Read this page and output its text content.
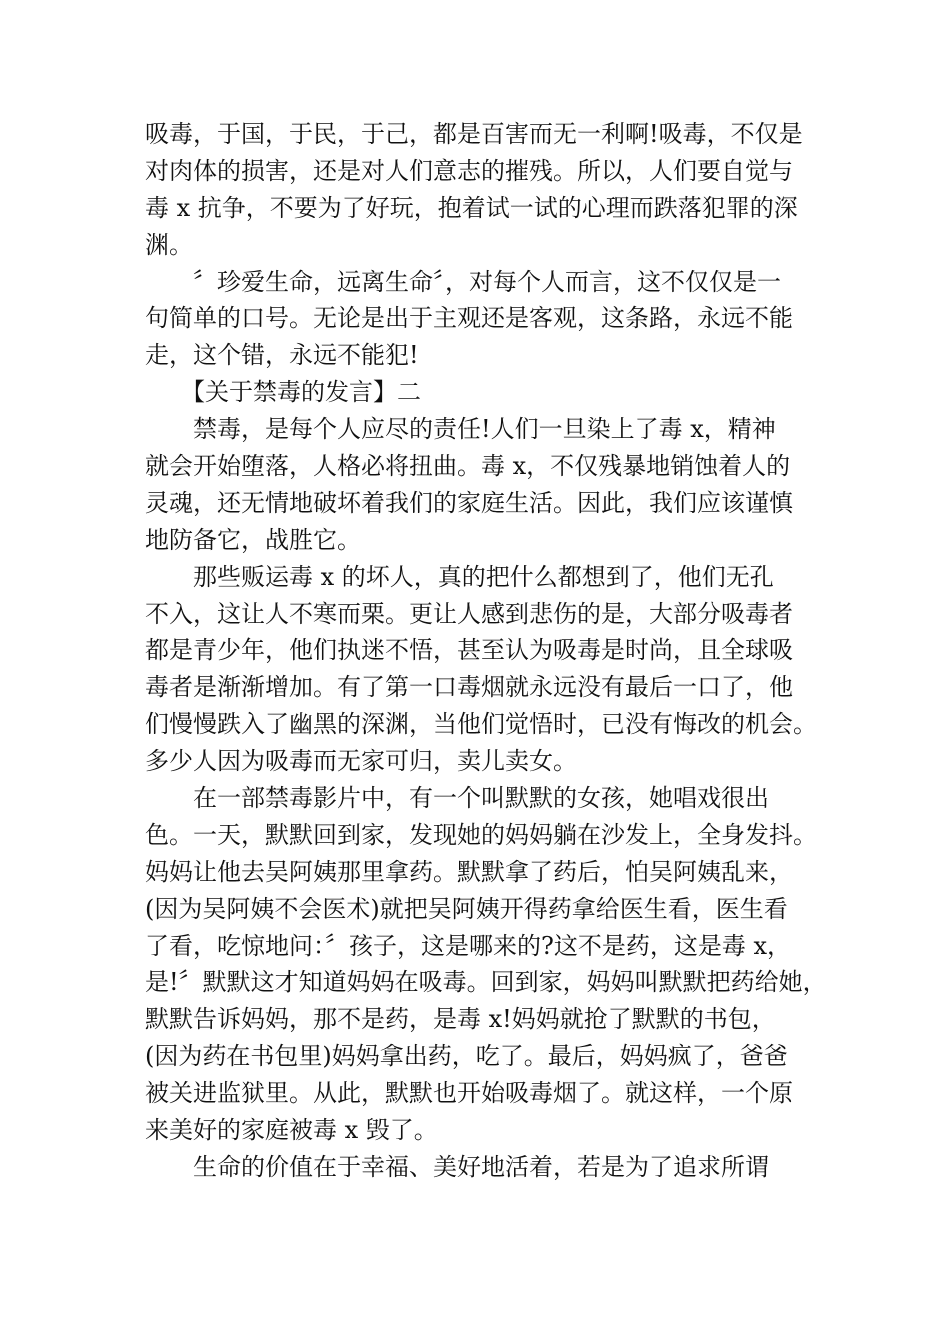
吸毒，于国，于民，于己，都是百害而无一利啊!吸毒，不仅是
对肉体的损害，还是对人们意志的摧残。所以，人们要自觉与
毒 x 抗争，不要为了好玩，抱着试一试的心理而跌落犯罪的深
渊。
　　〞珍爱生命，远离生命〞，对每个人而言，这不仅仅是一
句简单的口号。无论是出于主观还是客观，这条路，永远不能
走，这个错，永远不能犯!
　　【关于禁毒的发言】二
　　禁毒，是每个人应尽的责任!人们一旦染上了毒 x，精神
就会开始堕落，人格必将扭曲。毒 x，不仅残暴地销蚀着人的
灵魂，还无情地破坏着我们的家庭生活。因此，我们应该谨慎
地防备它，战胜它。
　　那些贩运毒 x 的坏人，真的把什么都想到了，他们无孔
不入，这让人不寒而栗。更让人感到悲伤的是，大部分吸毒者
都是青少年，他们执迷不悟，甚至认为吸毒是时尚，且全球吸
毒者是渐渐增加。有了第一口毒烟就永远没有最后一口了，他
们慢慢跌入了幽黑的深渊，当他们觉悟时，已没有悔改的机会。
多少人因为吸毒而无家可归，卖儿卖女。
　　在一部禁毒影片中，有一个叫默默的女孩，她唱戏很出
色。一天，默默回到家，发现她的妈妈躺在沙发上，全身发抖。
妈妈让他去吴阿姨那里拿药。默默拿了药后，怕吴阿姨乱来，
(因为吴阿姨不会医术)就把吴阿姨开得药拿给医生看，医生看
了看，吃惊地问：〞孩子，这是哪来的?这不是药，这是毒 x，
是!〞默默这才知道妈妈在吸毒。回到家，妈妈叫默默把药给她，
默默告诉妈妈，那不是药，是毒 x!妈妈就抢了默默的书包，
(因为药在书包里)妈妈拿出药，吃了。最后，妈妈疯了，爸爸
被关进监狱里。从此，默默也开始吸毒烟了。就这样，一个原
来美好的家庭被毒 x 毁了。
　　生命的价值在于幸福、美好地活着，若是为了追求所谓
